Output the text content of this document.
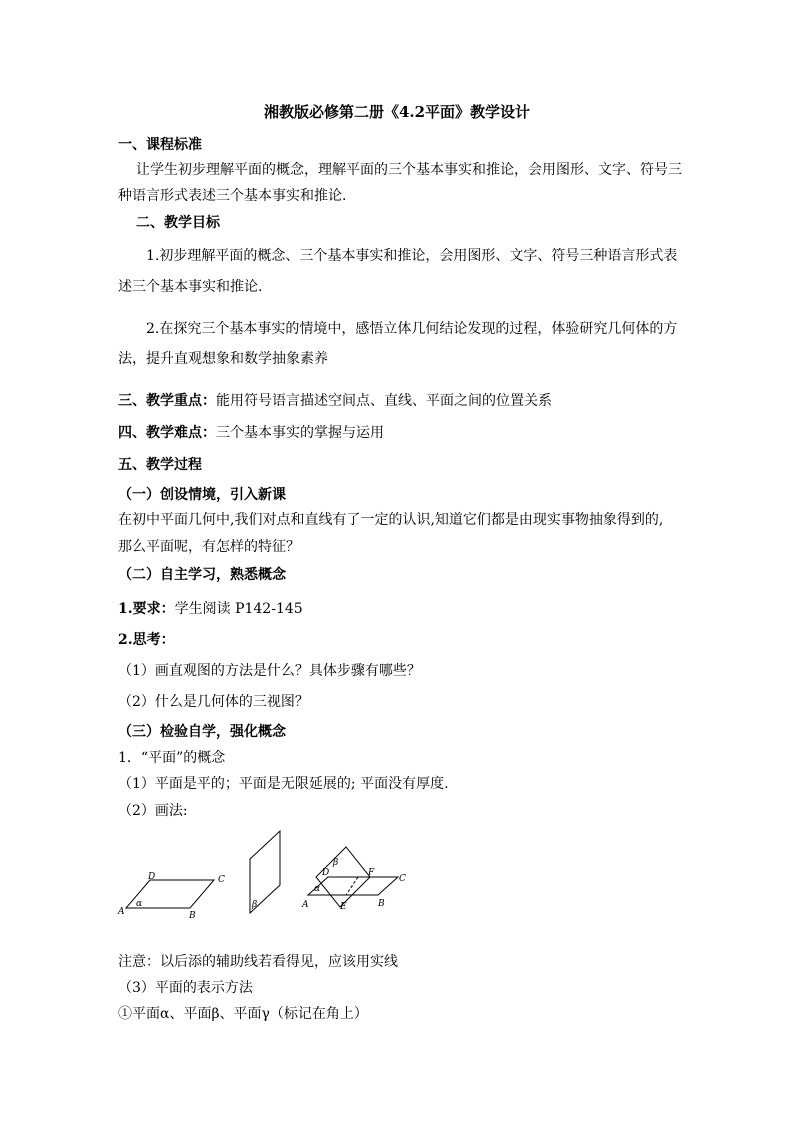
湘教版必修第二册《4.2平面》教学设计
一、课程标准
让学生初步理解平面的概念，理解平面的三个基本事实和推论，会用图形、文字、符号三
种语言形式表述三个基本事实和推论.
二、教学目标
1.初步理解平面的概念、三个基本事实和推论，会用图形、文字、符号三种语言形式表
述三个基本事实和推论.
2.在探究三个基本事实的情境中，感悟立体几何结论发现的过程，体验研究几何体的方
法，提升直观想象和数学抽象素养
三、教学重点：能用符号语言描述空间点、直线、平面之间的位置关系
四、教学难点：三个基本事实的掌握与运用
五、教学过程
（一）创设情境，引入新课
在初中平面几何中,我们对点和直线有了一定的认识,知道它们都是由现实事物抽象得到的,
那么平面呢，有怎样的特征？
（二）自主学习，熟悉概念
1.要求：学生阅读 P142-145
2.思考：
（1）画直观图的方法是什么？具体步骤有哪些？
（2）什么是几何体的三视图？
（三）检验自学，强化概念
1．“平面”的概念
（1）平面是平的；平面是无限延展的; 平面没有厚度.
（2）画法:
A	B
C
D
α	β	A	B
C
D
E
F
α
β
注意：以后添的辅助线若看得见，应该用实线
（3）平面的表示方法
①平面α、平面β、平面γ（标记在角上）
